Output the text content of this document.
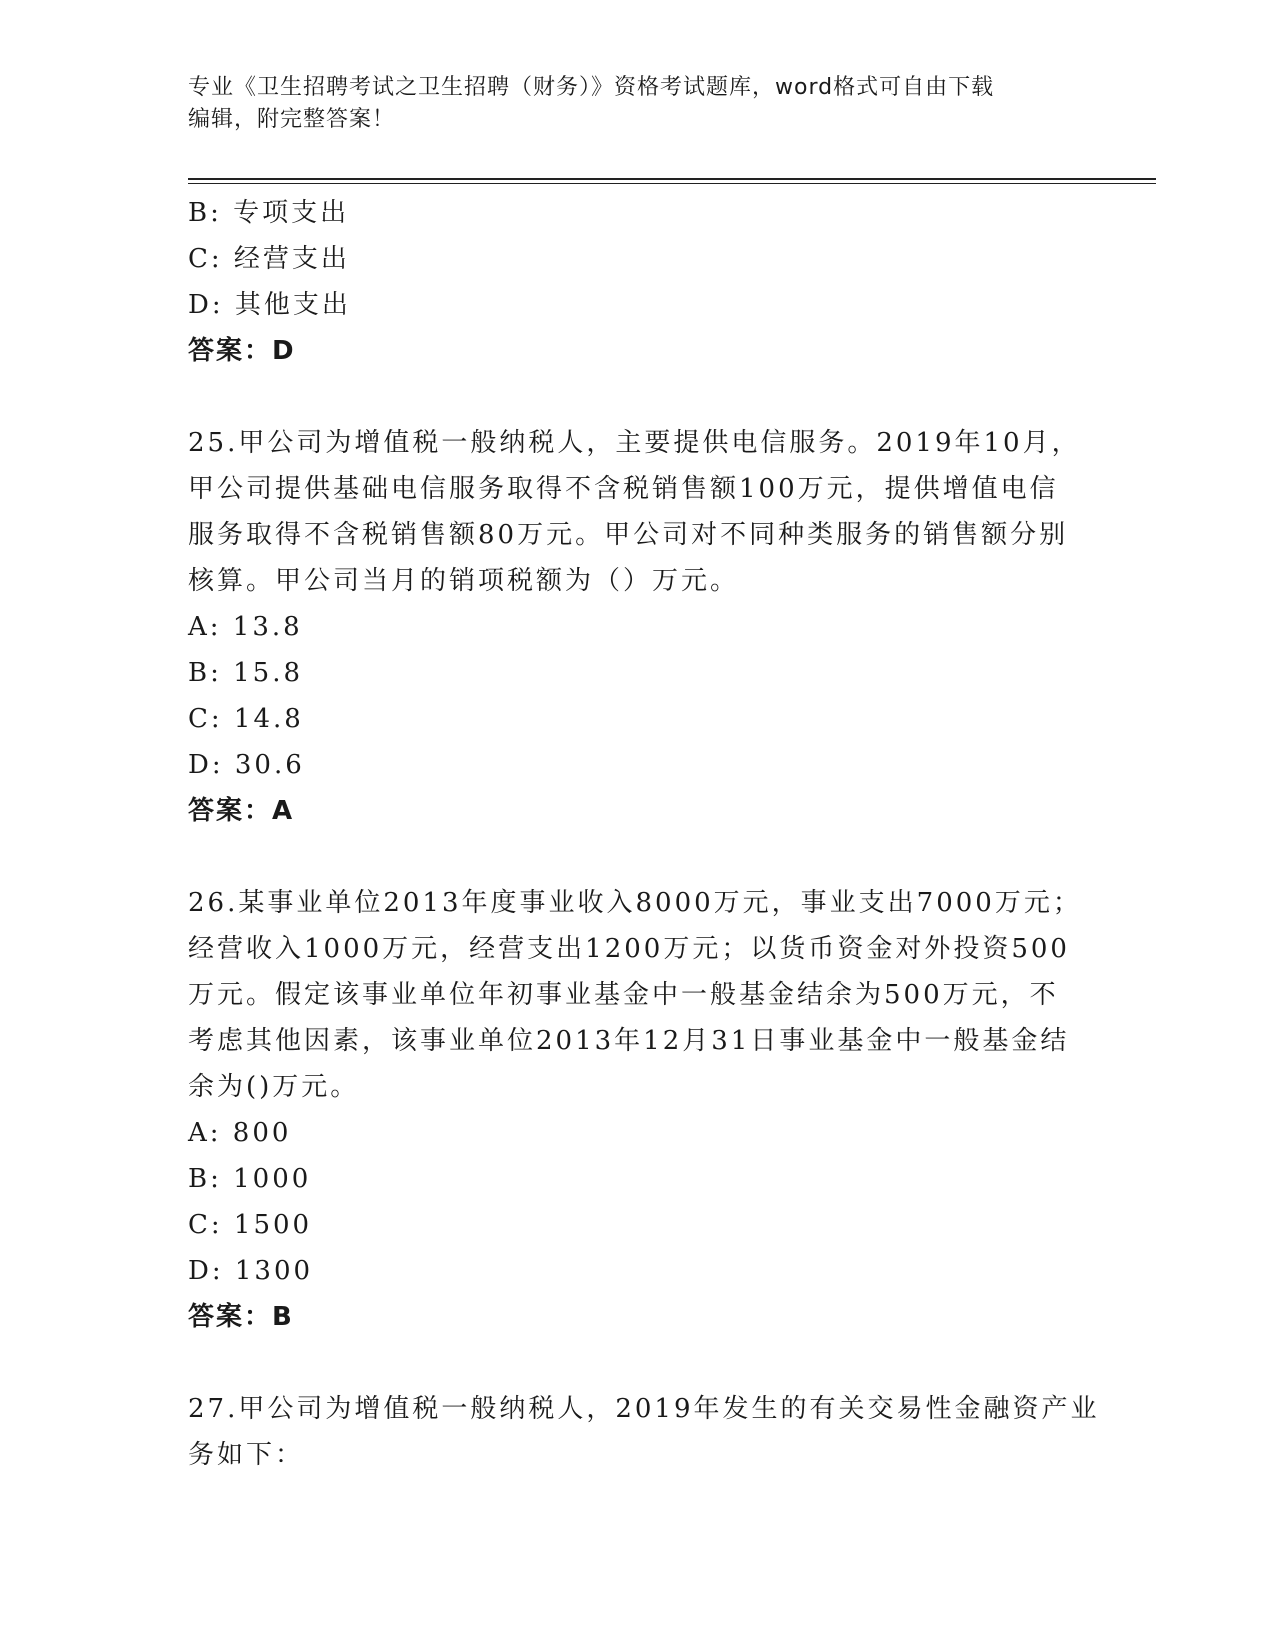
专业《卫生招聘考试之卫生招聘（财务）》资格考试题库，word格式可自由下载
编辑，附完整答案！
B: 专项支出
C: 经营支出
D: 其他支出
答案：D
25.甲公司为增值税一般纳税人，主要提供电信服务。2019年10月，
甲公司提供基础电信服务取得不含税销售额100万元，提供增值电信
服务取得不含税销售额80万元。甲公司对不同种类服务的销售额分别
核算。甲公司当月的销项税额为（）万元。
A: 13.8
B: 15.8
C: 14.8
D: 30.6
答案：A
26.某事业单位2013年度事业收入8000万元，事业支出7000万元；
经营收入1000万元，经营支出1200万元；以货币资金对外投资500
万元。假定该事业单位年初事业基金中一般基金结余为500万元，不
考虑其他因素，该事业单位2013年12月31日事业基金中一般基金结
余为()万元。
A: 800
B: 1000
C: 1500
D: 1300
答案：B
27.甲公司为增值税一般纳税人，2019年发生的有关交易性金融资产业
务如下：
